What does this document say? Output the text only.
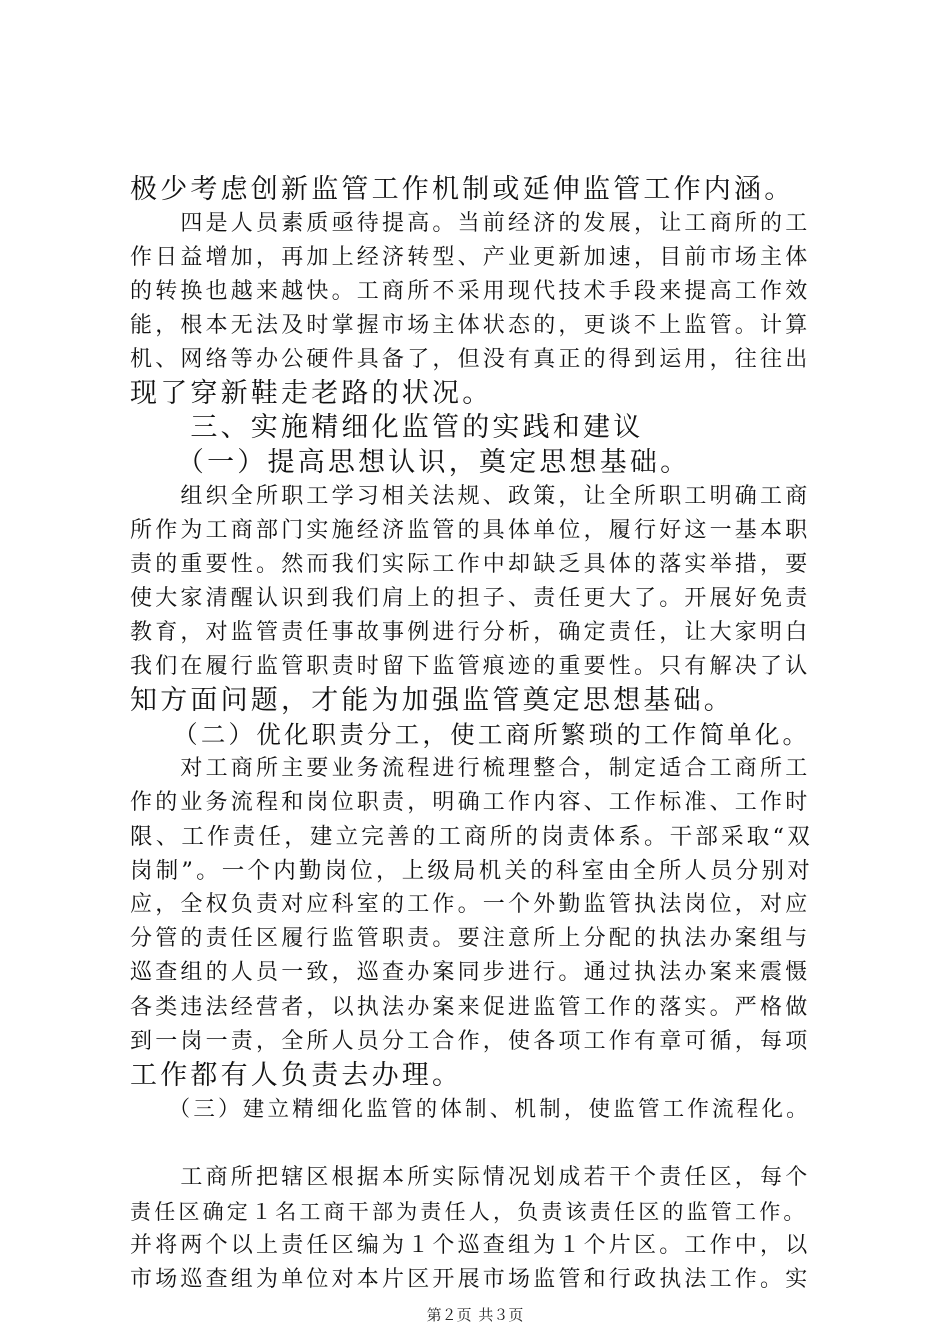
极少考虑创新监管工作机制或延伸监管工作内涵。
　　四是人员素质亟待提高。当前经济的发展，让工商所的工
作日益增加，再加上经济转型、产业更新加速，目前市场主体
的转换也越来越快。工商所不采用现代技术手段来提高工作效
能，根本无法及时掌握市场主体状态的，更谈不上监管。计算
机、网络等办公硬件具备了，但没有真正的得到运用，往往出
现了穿新鞋走老路的状况。
　　三、实施精细化监管的实践和建议
　　（一）提高思想认识，奠定思想基础。
　　组织全所职工学习相关法规、政策，让全所职工明确工商
所作为工商部门实施经济监管的具体单位，履行好这一基本职
责的重要性。然而我们实际工作中却缺乏具体的落实举措，要
使大家清醒认识到我们肩上的担子、责任更大了。开展好免责
教育，对监管责任事故事例进行分析，确定责任，让大家明白
我们在履行监管职责时留下监管痕迹的重要性。只有解决了认
知方面问题，才能为加强监管奠定思想基础。
　　（二）优化职责分工，使工商所繁琐的工作简单化。
　　对工商所主要业务流程进行梳理整合，制定适合工商所工
作的业务流程和岗位职责，明确工作内容、工作标准、工作时
限、工作责任，建立完善的工商所的岗责体系。干部采取“双
岗制”。一个内勤岗位，上级局机关的科室由全所人员分别对
应，全权负责对应科室的工作。一个外勤监管执法岗位，对应
分管的责任区履行监管职责。要注意所上分配的执法办案组与
巡查组的人员一致，巡查办案同步进行。通过执法办案来震慑
各类违法经营者，以执法办案来促进监管工作的落实。严格做
到一岗一责，全所人员分工合作，使各项工作有章可循，每项
工作都有人负责去办理。
　　（三）建立精细化监管的体制、机制，使监管工作流程化。
　　工商所把辖区根据本所实际情况划成若干个责任区，每个
责任区确定１名工商干部为责任人，负责该责任区的监管工作。
并将两个以上责任区编为１个巡查组为１个片区。工作中，以
市场巡查组为单位对本片区开展市场监管和行政执法工作。实
第２页 共３页
